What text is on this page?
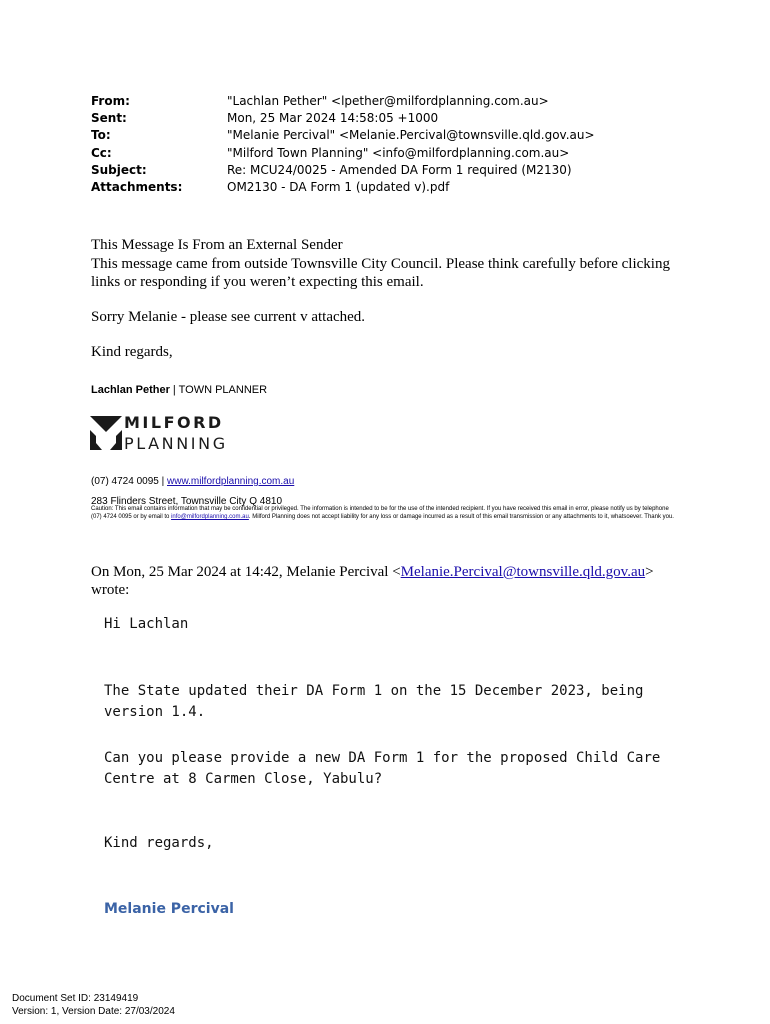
From:	"Lachlan Pether" <lpether@milfordplanning.com.au>
Sent:	Mon, 25 Mar 2024 14:58:05 +1000
To:	"Melanie Percival" <Melanie.Percival@townsville.qld.gov.au>
Cc:	"Milford Town Planning" <info@milfordplanning.com.au>
Subject:	Re: MCU24/0025 - Amended DA Form 1 required (M2130)
Attachments:	OM2130 - DA Form 1 (updated v).pdf

This Message Is From an External Sender

This message came from outside Townsville City Council. Please think carefully before clicking links or responding if you weren’t expecting this email.

Sorry Melanie - please see current v attached.
Kind regards,
Lachlan Pether | TOWN PLANNER
MILFORD
PLANNING
(07) 4724 0095 | www.milfordplanning.com.au
283 Flinders Street, Townsville City Q 4810
Caution: This email contains information that may be confidential or privileged. The information is intended to be for the use of the intended recipient. If you have received this email in error, please notify us by telephone (07) 4724 0095 or by email to info@milfordplanning.com.au. Milford Planning does not accept liability for any loss or damage incurred as a result of this email transmission or any attachments to it, whatsoever. Thank you.
On Mon, 25 Mar 2024 at 14:42, Melanie Percival <Melanie.Percival@townsville.qld.gov.au> wrote:
Hi Lachlan
The State updated their DA Form 1 on the 15 December 2023, being version 1.4.
Can you please provide a new DA Form 1 for the proposed Child Care Centre at 8 Carmen Close, Yabulu?
Kind regards,
Melanie Percival
Document Set ID: 23149419
Version: 1, Version Date: 27/03/2024
